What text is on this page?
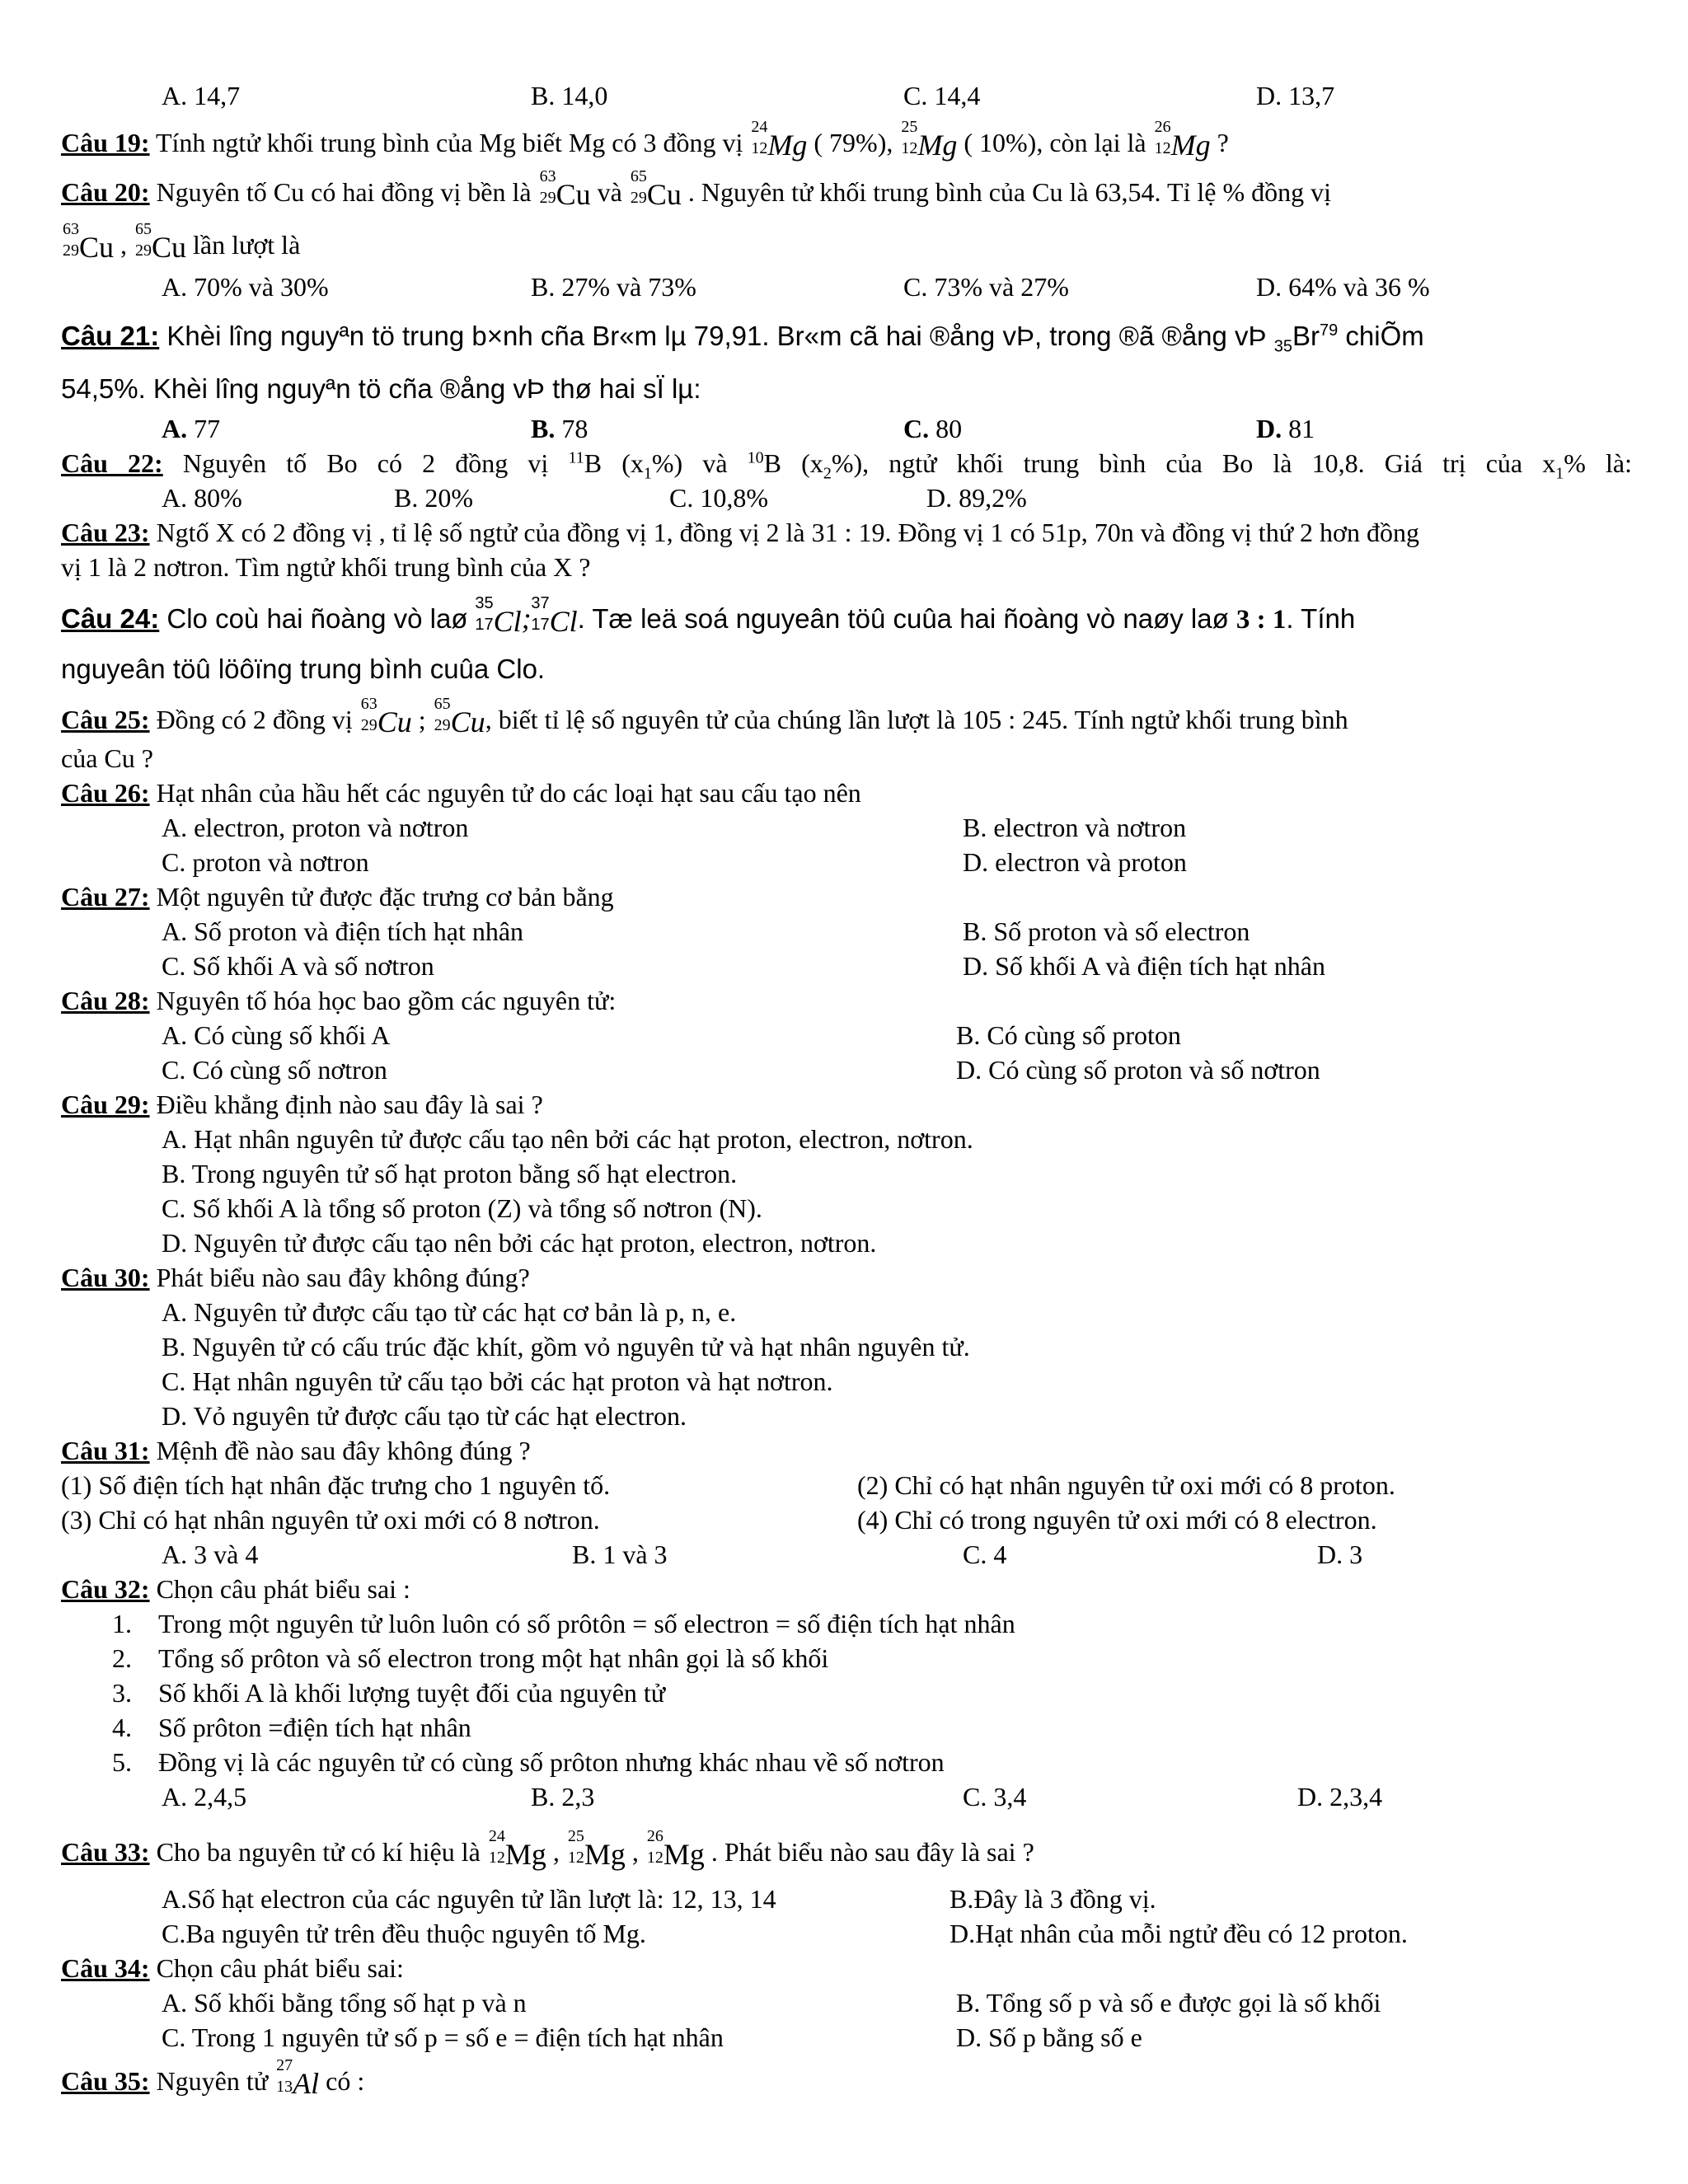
A. 14,7	B. 14,0	C. 14,4	D. 13,7
Câu 19: Tính ngtử khối trung bình của Mg biết Mg có 3 đồng vị
24
12 Mg ( 79%),
25
12 Mg ( 10%), còn lại là
26
12 Mg ?
Câu 20: Nguyên tố Cu có hai đồng vị bền là
63
29 Cu và
65
29 Cu . Nguyên tử khối trung bình của Cu là 63,54. Tỉ lệ % đồng vị
63
29 Cu ,
65
29 Cu lần lượt là
A. 70% và 30%	B. 27% và 73%	C. 73% và 27%	D. 64% và 36 %
Câu 21: Khèi lîng nguyªn tö trung b×nh cña Br«m lµ 79,91. Br«m cã hai ®ång vÞ, trong ®ã ®ång vÞ $_{35}Br^{79}$ chiÕm
54,5%. Khèi lîng nguyªn tö cña ®ång vÞ thø hai sÏ lµ:
A. 77	B. 78	C. 80	D. 81
Câu 22: Nguyên tố Bo có 2 đồng vị $^{11}$B $(x_1\%)$ và $^{10}$B $(x_2\%)$, ngtử khối trung bình của Bo là 10,8. Giá trị của $x_1\%$ là:
A. 80%	B. 20%	C. 10,8%	D. 89,2%
Câu 23: Ngtố X có 2 đồng vị , tỉ lệ số ngtử của đồng vị 1, đồng vị 2 là 31 : 19. Đồng vị 1 có 51p, 70n và đồng vị thứ 2 hơn đồng
vị 1 là 2 nơtron. Tìm ngtử khối trung bình của X ?
Câu 24: Clo coù hai ñoàng vò laø 35
17 Cl; 37
17 Cl. Tæ leä soá nguyeân töû cuûa hai ñoàng vò naøy laø 3 : 1. Tính
nguyeân töû löôïng trung bình cuûa Clo.
Câu 25: Đồng có 2 đồng vị
63
29 Cu ;
65
29 Cu, biết tỉ lệ số nguyên tử của chúng lần lượt là 105 : 245. Tính ngtử khối trung bình
của Cu ?
Câu 26: Hạt nhân của hầu hết các nguyên tử do các loại hạt sau cấu tạo nên
A. electron, proton và nơtron	B. electron và nơtron
C. proton và nơtron	D. electron và proton
Câu 27: Một nguyên tử được đặc trưng cơ bản bằng
A. Số proton và điện tích hạt nhân	B. Số proton và số electron
C. Số khối A và số nơtron	D. Số khối A và điện tích hạt nhân
Câu 28: Nguyên tố hóa học bao gồm các nguyên tử:
A. Có cùng số khối A	B. Có cùng số proton
C. Có cùng số nơtron	D. Có cùng số proton và số nơtron
Câu 29: Điều khẳng định nào sau đây là sai ?
A. Hạt nhân nguyên tử được cấu tạo nên bởi các hạt proton, electron, nơtron.
B. Trong nguyên tử số hạt proton bằng số hạt electron.
C. Số khối A là tổng số proton (Z) và tổng số nơtron (N).
D. Nguyên tử được cấu tạo nên bởi các hạt proton, electron, nơtron.
Câu 30: Phát biểu nào sau đây không đúng?
A. Nguyên tử được cấu tạo từ các hạt cơ bản là p, n, e.
B. Nguyên tử có cấu trúc đặc khít, gồm vỏ nguyên tử và hạt nhân nguyên tử.
C. Hạt nhân nguyên tử cấu tạo bởi các hạt proton và hạt nơtron.
D. Vỏ nguyên tử được cấu tạo từ các hạt electron.
Câu 31: Mệnh đề nào sau đây không đúng ?
(1) Số điện tích hạt nhân đặc trưng cho 1 nguyên tố.	(2) Chỉ có hạt nhân nguyên tử oxi mới có 8 proton.
(3) Chỉ có hạt nhân nguyên tử oxi mới có 8 nơtron.	(4) Chỉ có trong nguyên tử oxi mới có 8 electron.
A. 3 và 4	B. 1 và 3	C. 4	D. 3
Câu 32: Chọn câu phát biểu sai :
1. Trong một nguyên tử luôn luôn có số prôtôn = số electron = số điện tích hạt nhân
2. Tổng số prôton và số electron trong một hạt nhân gọi là số khối
3. Số khối A là khối lượng tuyệt đối của nguyên tử
4. Số prôton =điện tích hạt nhân
5. Đồng vị là các nguyên tử có cùng số prôton nhưng khác nhau về số nơtron
A. 2,4,5	B. 2,3	C. 3,4	D. 2,3,4
Câu 33: Cho ba nguyên tử có kí hiệu là
24
12 Mg ,
25
12 Mg ,
26
12 Mg . Phát biểu nào sau đây là sai ?
A.Số hạt electron của các nguyên tử lần lượt là: 12, 13, 14	B.Đây là 3 đồng vị.
C.Ba nguyên tử trên đều thuộc nguyên tố Mg.	D.Hạt nhân của mỗi ngtử đều có 12 proton.
Câu 34: Chọn câu phát biểu sai:
A. Số khối bằng tổng số hạt p và n	B. Tổng số p và số e được gọi là số khối
C. Trong 1 nguyên tử số p = số e = điện tích hạt nhân	D. Số p bằng số e
Câu 35: Nguyên tử
27
13 Al có :
